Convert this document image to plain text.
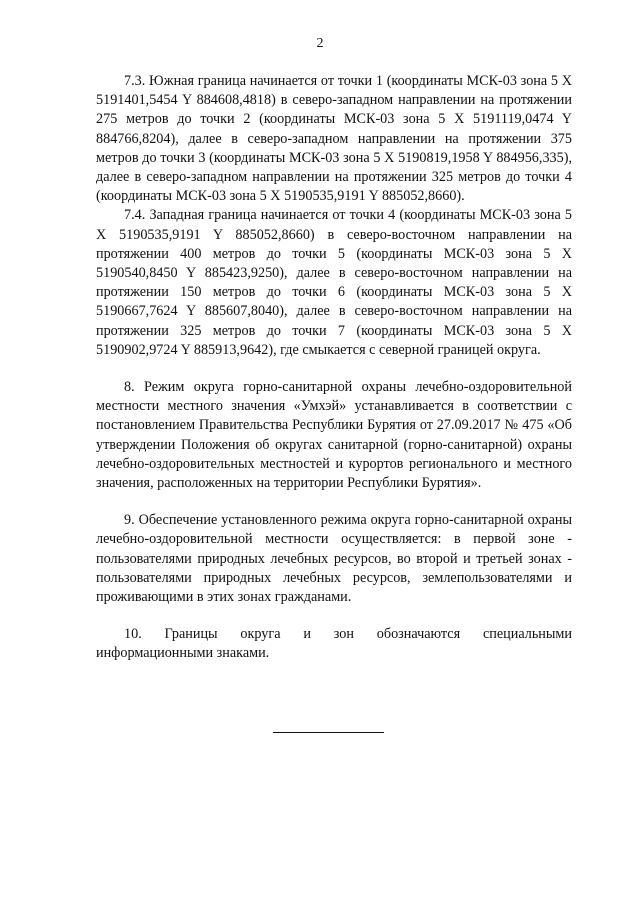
2

7.3. Южная граница начинается от точки 1 (координаты МСК-03 зона 5 X 5191401,5454 Y 884608,4818) в северо-западном направлении на протяжении 275 метров до точки 2 (координаты МСК-03 зона 5 X 5191119,0474 Y 884766,8204), далее в северо-западном направлении на протяжении 375 метров до точки 3 (координаты МСК-03 зона 5 X 5190819,1958 Y 884956,335), далее в северо-западном направлении на протяжении 325 метров до точки 4 (координаты МСК-03 зона 5 X 5190535,9191 Y 885052,8660).

7.4. Западная граница начинается от точки 4 (координаты МСК-03 зона 5 X 5190535,9191 Y 885052,8660) в северо-восточном направлении на протяжении 400 метров до точки 5 (координаты МСК-03 зона 5 X 5190540,8450 Y 885423,9250), далее в северо-восточном направлении на протяжении 150 метров до точки 6 (координаты МСК-03 зона 5 X 5190667,7624 Y 885607,8040), далее в северо-восточном направлении на протяжении 325 метров до точки 7 (координаты МСК-03 зона 5 X 5190902,9724 Y 885913,9642), где смыкается с северной границей округа.

8. Режим округа горно-санитарной охраны лечебно-оздоровительной местности местного значения «Умхэй» устанавливается в соответствии с постановлением Правительства Республики Бурятия от 27.09.2017 № 475 «Об утверждении Положения об округах санитарной (горно-санитарной) охраны лечебно-оздоровительных местностей и курортов регионального и местного значения, расположенных на территории Республики Бурятия».

9. Обеспечение установленного режима округа горно-санитарной охраны лечебно-оздоровительной местности осуществляется: в первой зоне - пользователями природных лечебных ресурсов, во второй и третьей зонах - пользователями природных лечебных ресурсов, землепользователями и проживающими в этих зонах гражданами.

10. Границы округа и зон обозначаются специальными информационными знаками.
